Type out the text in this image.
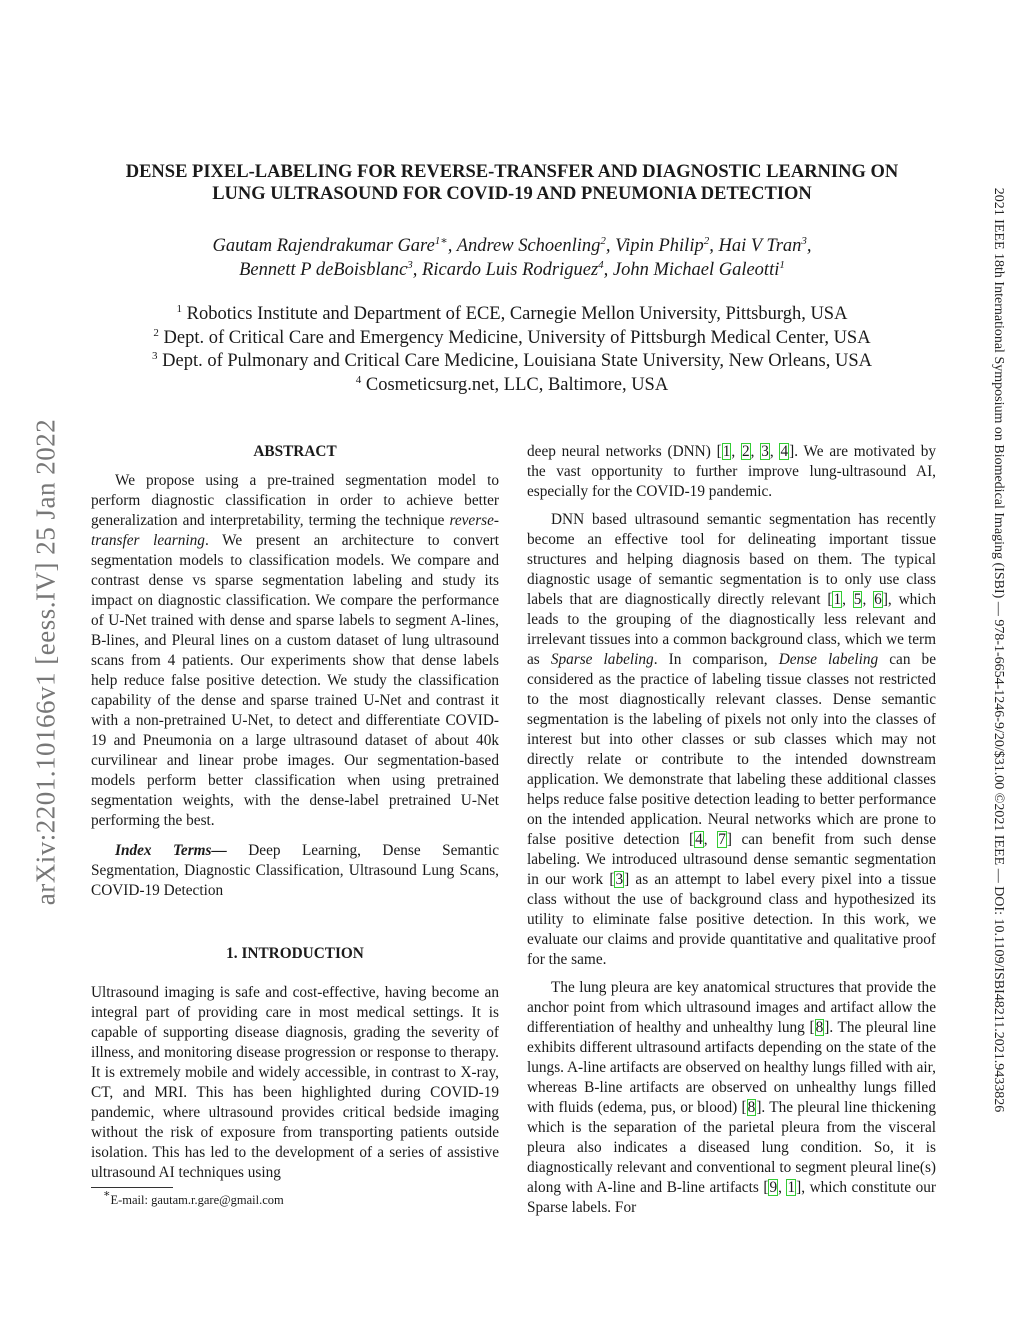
arXiv:2201.10166v1 [eess.IV] 25 Jan 2022	2021 IEEE 18th International Symposium on Biomedical Imaging (ISBI) — 978-1-6654-1246-9/20/$31.00 ©2021 IEEE — DOI: 10.1109/ISBI48211.2021.9433826
DENSE PIXEL-LABELING FOR REVERSE-TRANSFER AND DIAGNOSTIC LEARNING ON
LUNG ULTRASOUND FOR COVID-19 AND PNEUMONIA DETECTION
Gautam Rajendrakumar Gare$^{1∗}$, Andrew Schoenling$^2$, Vipin Philip$^2$, Hai V Tran$^3$,
Bennett P deBoisblanc$^3$, Ricardo Luis Rodriguez$^4$, John Michael Galeotti$^1$
$^1$ Robotics Institute and Department of ECE, Carnegie Mellon University, Pittsburgh, USA
$^2$ Dept. of Critical Care and Emergency Medicine, University of Pittsburgh Medical Center, USA
$^3$ Dept. of Pulmonary and Critical Care Medicine, Louisiana State University, New Orleans, USA
$^4$ Cosmeticsurg.net, LLC, Baltimore, USA
ABSTRACT

We propose using a pre-trained segmentation model to perform diagnostic classification in order to achieve better generalization and interpretability, terming the technique reverse-transfer learning. We present an architecture to convert segmentation models to classification models. We compare and contrast dense vs sparse segmentation labeling and study its impact on diagnostic classification. We compare the performance of U-Net trained with dense and sparse labels to segment A-lines, B-lines, and Pleural lines on a custom dataset of lung ultrasound scans from 4 patients. Our experiments show that dense labels help reduce false positive detection. We study the classification capability of the dense and sparse trained U-Net and contrast it with a non-pretrained U-Net, to detect and differentiate COVID-19 and Pneumonia on a large ultrasound dataset of about 40k curvilinear and linear probe images. Our segmentation-based models perform better classification when using pretrained segmentation weights, with the dense-label pretrained U-Net performing the best.

Index Terms— Deep Learning, Dense Semantic Segmentation, Diagnostic Classification, Ultrasound Lung Scans, COVID-19 Detection

1. INTRODUCTION

Ultrasound imaging is safe and cost-effective, having become an integral part of providing care in most medical settings. It is capable of supporting disease diagnosis, grading the severity of illness, and monitoring disease progression or response to therapy. It is extremely mobile and widely accessible, in contrast to X-ray, CT, and MRI. This has been highlighted during COVID-19 pandemic, where ultrasound provides critical bedside imaging without the risk of exposure from transporting patients outside isolation. This has led to the development of a series of assistive ultrasound AI techniques using

∗E-mail: gautam.r.gare@gmail.com

deep neural networks (DNN) [1, 2, 3, 4]. We are motivated by the vast opportunity to further improve lung-ultrasound AI, especially for the COVID-19 pandemic.

DNN based ultrasound semantic segmentation has recently become an effective tool for delineating important tissue structures and helping diagnosis based on them. The typical diagnostic usage of semantic segmentation is to only use class labels that are diagnostically directly relevant [1, 5, 6], which leads to the grouping of the diagnostically less relevant and irrelevant tissues into a common background class, which we term as Sparse labeling. In comparison, Dense labeling can be considered as the practice of labeling tissue classes not restricted to the most diagnostically relevant classes. Dense semantic segmentation is the labeling of pixels not only into the classes of interest but into other classes or sub classes which may not directly relate or contribute to the intended downstream application. We demonstrate that labeling these additional classes helps reduce false positive detection leading to better performance on the intended application. Neural networks which are prone to false positive detection [4, 7] can benefit from such dense labeling. We introduced ultrasound dense semantic segmentation in our work [3] as an attempt to label every pixel into a tissue class without the use of background class and hypothesized its utility to eliminate false positive detection. In this work, we evaluate our claims and provide quantitative and qualitative proof for the same.

The lung pleura are key anatomical structures that provide the anchor point from which ultrasound images and artifact allow the differentiation of healthy and unhealthy lung [8]. The pleural line exhibits different ultrasound artifacts depending on the state of the lungs. A-line artifacts are observed on healthy lungs filled with air, whereas B-line artifacts are observed on unhealthy lungs filled with fluids (edema, pus, or blood) [8]. The pleural line thickening which is the separation of the parietal pleura from the visceral pleura also indicates a diseased lung condition. So, it is diagnostically relevant and conventional to segment pleural line(s) along with A-line and B-line artifacts [9, 1], which constitute our Sparse labels. For
